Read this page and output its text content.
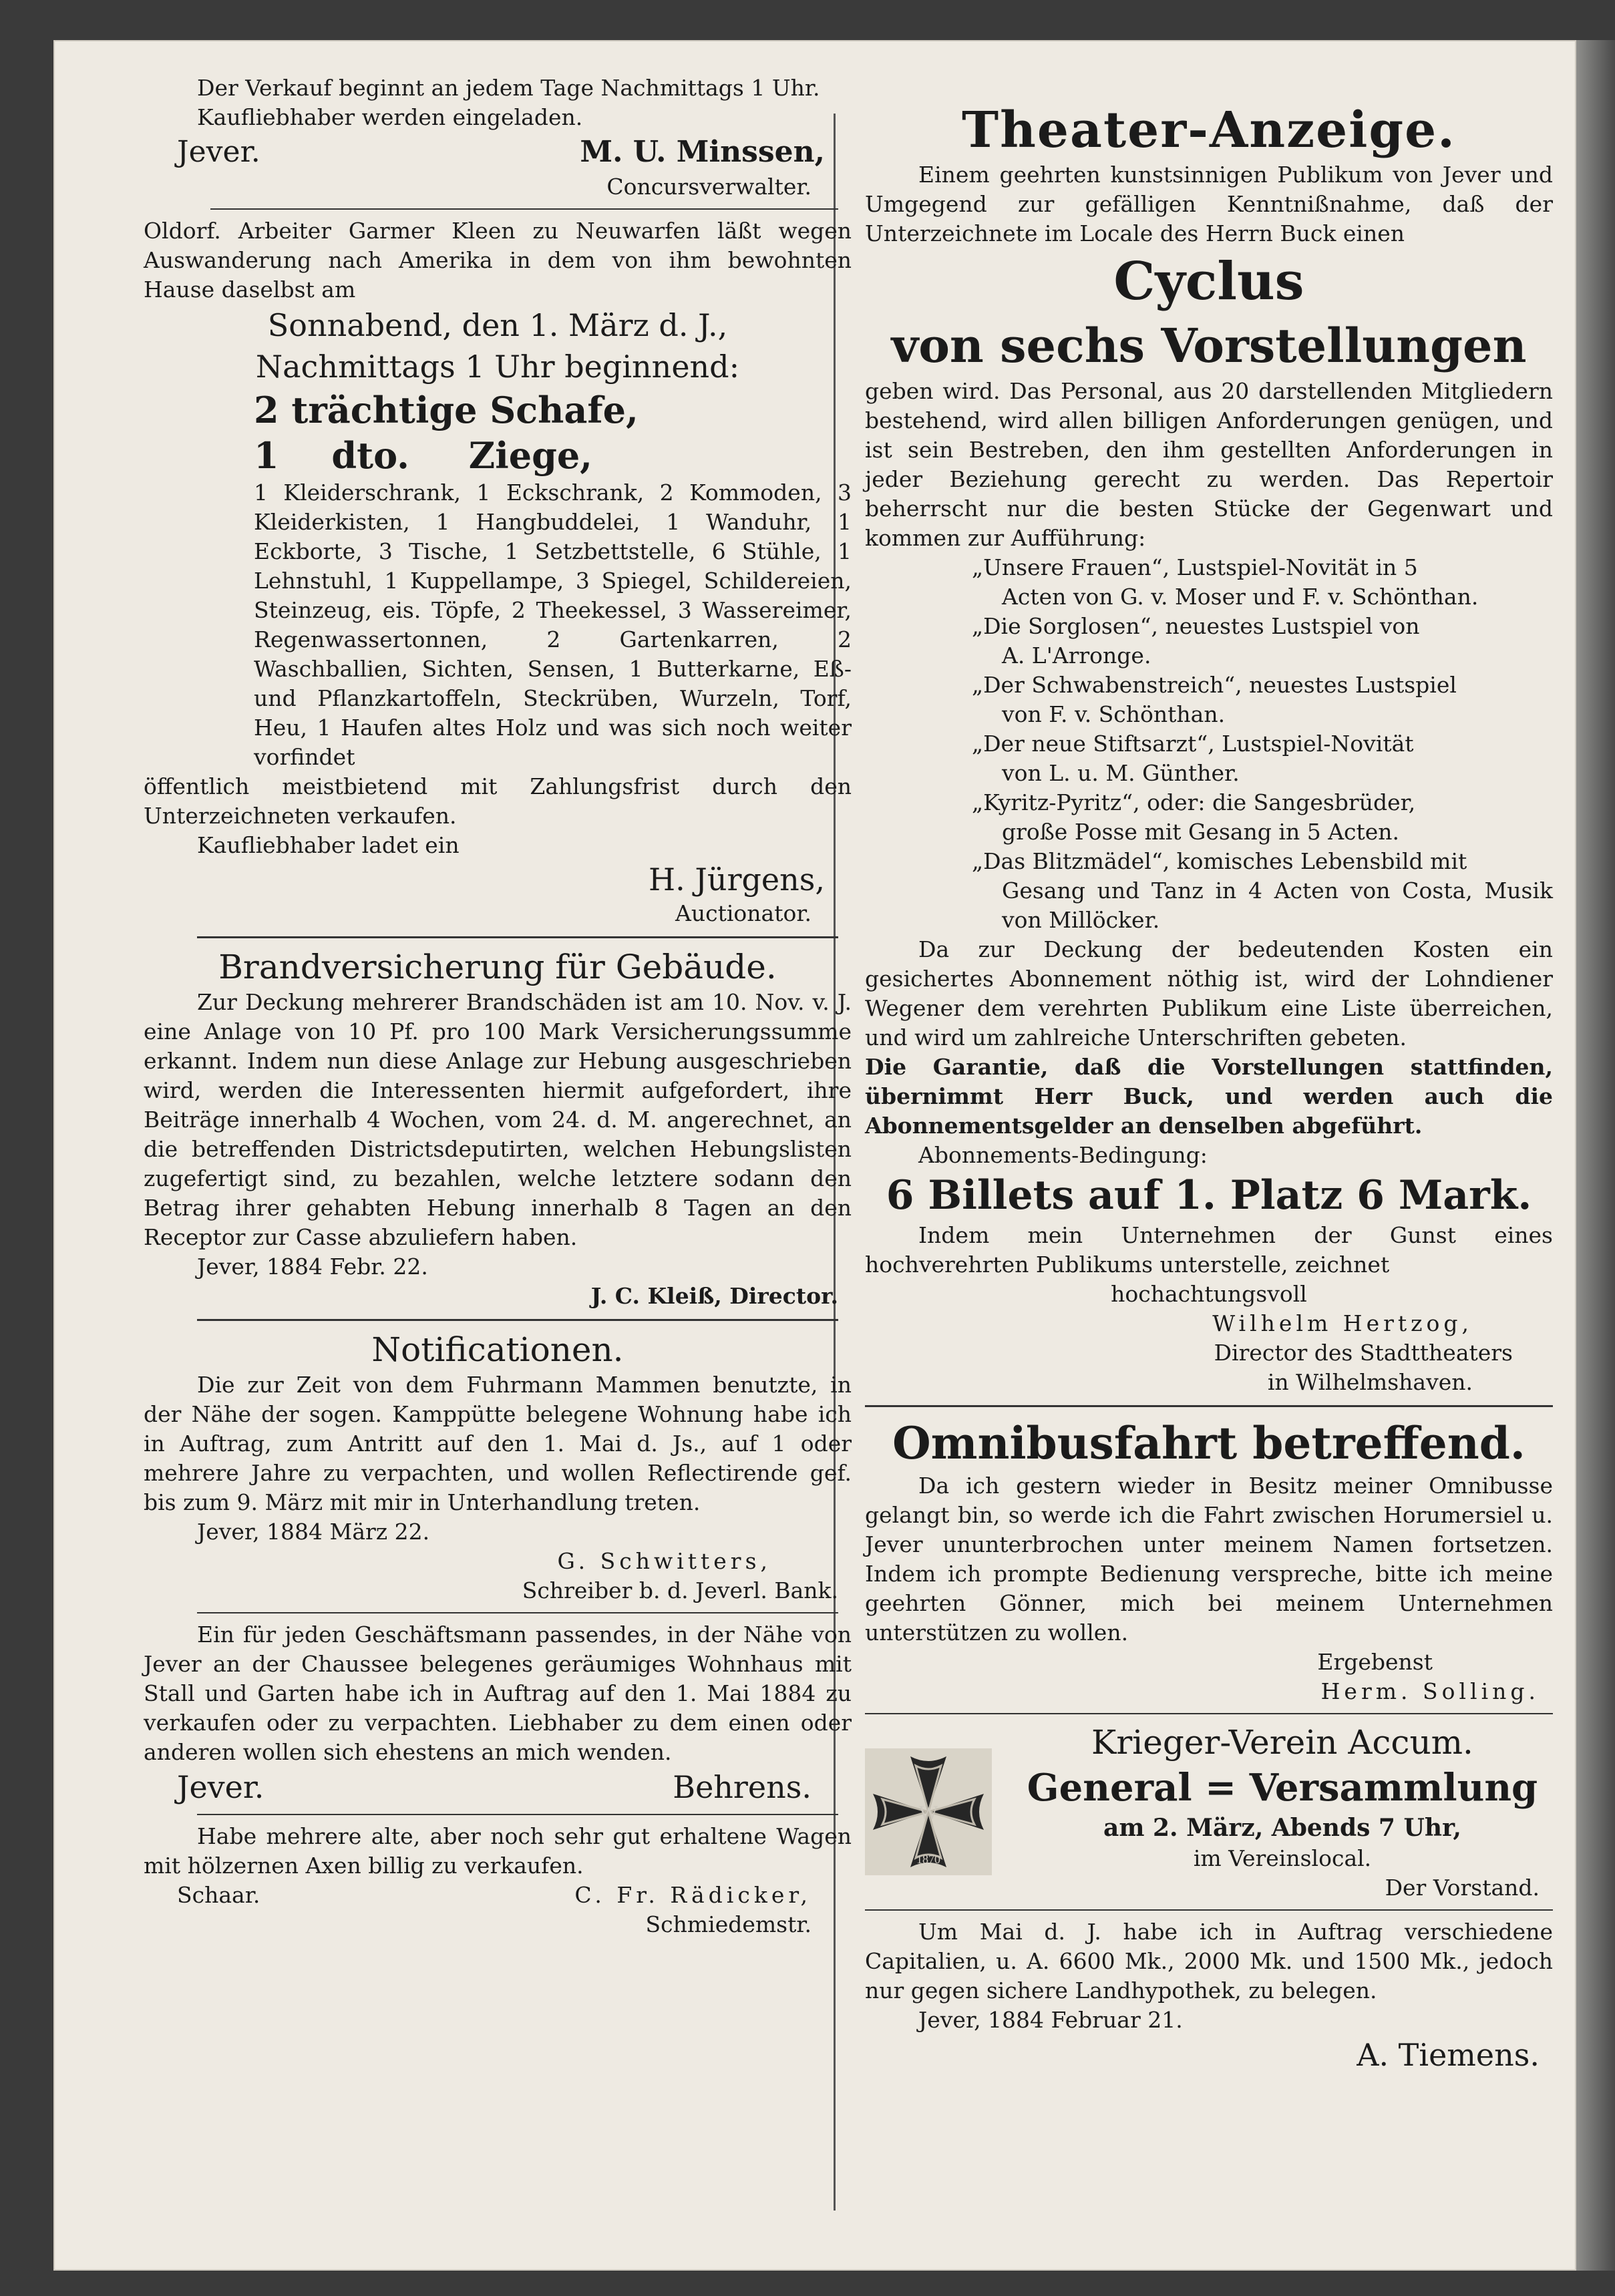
Der Verkauf beginnt an jedem Tage Nachmittags 1 Uhr.

Kaufliebhaber werden eingeladen.

Jever.	M. U. Minssen,

Concursverwalter.

Oldorf. Arbeiter Garmer Kleen zu Neuwarfen läßt wegen Auswanderung nach Amerika in dem von ihm bewohnten Hause daselbst am

Sonnabend, den 1. März d. J.,

Nachmittags 1 Uhr beginnend:

2 trächtige Schafe,

1 dto. Ziege,

1 Kleiderschrank, 1 Eckschrank, 2 Kommoden, 3 Kleiderkisten, 1 Hangbuddelei, 1 Wanduhr, 1 Eckborte, 3 Tische, 1 Setzbettstelle, 6 Stühle, 1 Lehnstuhl, 1 Kuppellampe, 3 Spiegel, Schildereien, Steinzeug, eis. Töpfe, 2 Theekessel, 3 Wassereimer, Regenwassertonnen, 2 Gartenkarren, 2 Waschballien, Sichten, Sensen, 1 Butterkarne, Eß- und Pflanzkartoffeln, Steckrüben, Wurzeln, Torf, Heu, 1 Haufen altes Holz und was sich noch weiter vorfindet

öffentlich meistbietend mit Zahlungsfrist durch den Unterzeichneten verkaufen.

Kaufliebhaber ladet ein

H. Jürgens,

Auctionator.

Brandversicherung für Gebäude.

Zur Deckung mehrerer Brandschäden ist am 10. Nov. v. J. eine Anlage von 10 Pf. pro 100 Mark Versicherungssumme erkannt. Indem nun diese Anlage zur Hebung ausgeschrieben wird, werden die Interessenten hiermit aufgefordert, ihre Beiträge innerhalb 4 Wochen, vom 24. d. M. angerechnet, an die betreffenden Districtsdeputirten, welchen Hebungslisten zugefertigt sind, zu bezahlen, welche letztere sodann den Betrag ihrer gehabten Hebung innerhalb 8 Tagen an den Receptor zur Casse abzuliefern haben.

Jever, 1884 Febr. 22.

J. C. Kleiß, Director.

Notificationen.

Die zur Zeit von dem Fuhrmann Mammen benutzte, in der Nähe der sogen. Kamppütte belegene Wohnung habe ich in Auftrag, zum Antritt auf den 1. Mai d. Js., auf 1 oder mehrere Jahre zu verpachten, und wollen Reflectirende gef. bis zum 9. März mit mir in Unterhandlung treten.

Jever, 1884 März 22.

G. Schwitters,

Schreiber b. d. Jeverl. Bank.

Ein für jeden Geschäftsmann passendes, in der Nähe von Jever an der Chaussee belegenes geräumiges Wohnhaus mit Stall und Garten habe ich in Auftrag auf den 1. Mai 1884 zu verkaufen oder zu verpachten. Liebhaber zu dem einen oder anderen wollen sich ehestens an mich wenden.

Jever.	Behrens.

Habe mehrere alte, aber noch sehr gut erhaltene Wagen mit hölzernen Axen billig zu verkaufen.

Schaar.	C. Fr. Rädicker,

Schmiedemstr.

Theater-Anzeige.

Einem geehrten kunstsinnigen Publikum von Jever und Umgegend zur gefälligen Kenntnißnahme, daß der Unterzeichnete im Locale des Herrn Buck einen

Cyclus

von sechs Vorstellungen

geben wird. Das Personal, aus 20 darstellenden Mitgliedern bestehend, wird allen billigen Anforderungen genügen, und ist sein Bestreben, den ihm gestellten Anforderungen in jeder Beziehung gerecht zu werden. Das Repertoir beherrscht nur die besten Stücke der Gegenwart und kommen zur Aufführung:

„Unsere Frauen“, Lustspiel-Novität in 5
Acten von G. v. Moser und F. v. Schönthan.

„Die Sorglosen“, neuestes Lustspiel von
A. L'Arronge.

„Der Schwabenstreich“, neuestes Lustspiel
von F. v. Schönthan.

„Der neue Stiftsarzt“, Lustspiel-Novität
von L. u. M. Günther.

„Kyritz-Pyritz“, oder: die Sangesbrüder,
große Posse mit Gesang in 5 Acten.

„Das Blitzmädel“, komisches Lebensbild mit
Gesang und Tanz in 4 Acten von Costa, Musik von Millöcker.

Da zur Deckung der bedeutenden Kosten ein gesichertes Abonnement nöthig ist, wird der Lohndiener Wegener dem verehrten Publikum eine Liste überreichen, und wird um zahlreiche Unterschriften gebeten.

Die Garantie, daß die Vorstellungen stattfinden, übernimmt Herr Buck, und werden auch die Abonnementsgelder an denselben abgeführt.

Abonnements-Bedingung:

6 Billets auf 1. Platz 6 Mark.

Indem mein Unternehmen der Gunst eines hochverehrten Publikums unterstelle, zeichnet

hochachtungsvoll

Wilhelm Hertzog,

Director des Stadttheaters

in Wilhelmshaven.

Omnibusfahrt betreffend.

Da ich gestern wieder in Besitz meiner Omnibusse gelangt bin, so werde ich die Fahrt zwischen Horumersiel u. Jever ununterbrochen unter meinem Namen fortsetzen. Indem ich prompte Bedienung verspreche, bitte ich meine geehrten Gönner, mich bei meinem Unternehmen unterstützen zu wollen.

Ergebenst

Herm. Solling.

W
1870

Krieger-Verein Accum.

General = Versammlung

am 2. März, Abends 7 Uhr,

im Vereinslocal.

Der Vorstand.

Um Mai d. J. habe ich in Auftrag verschiedene Capitalien, u. A. 6600 Mk., 2000 Mk. und 1500 Mk., jedoch nur gegen sichere Landhypothek, zu belegen.

Jever, 1884 Februar 21.

A. Tiemens.
